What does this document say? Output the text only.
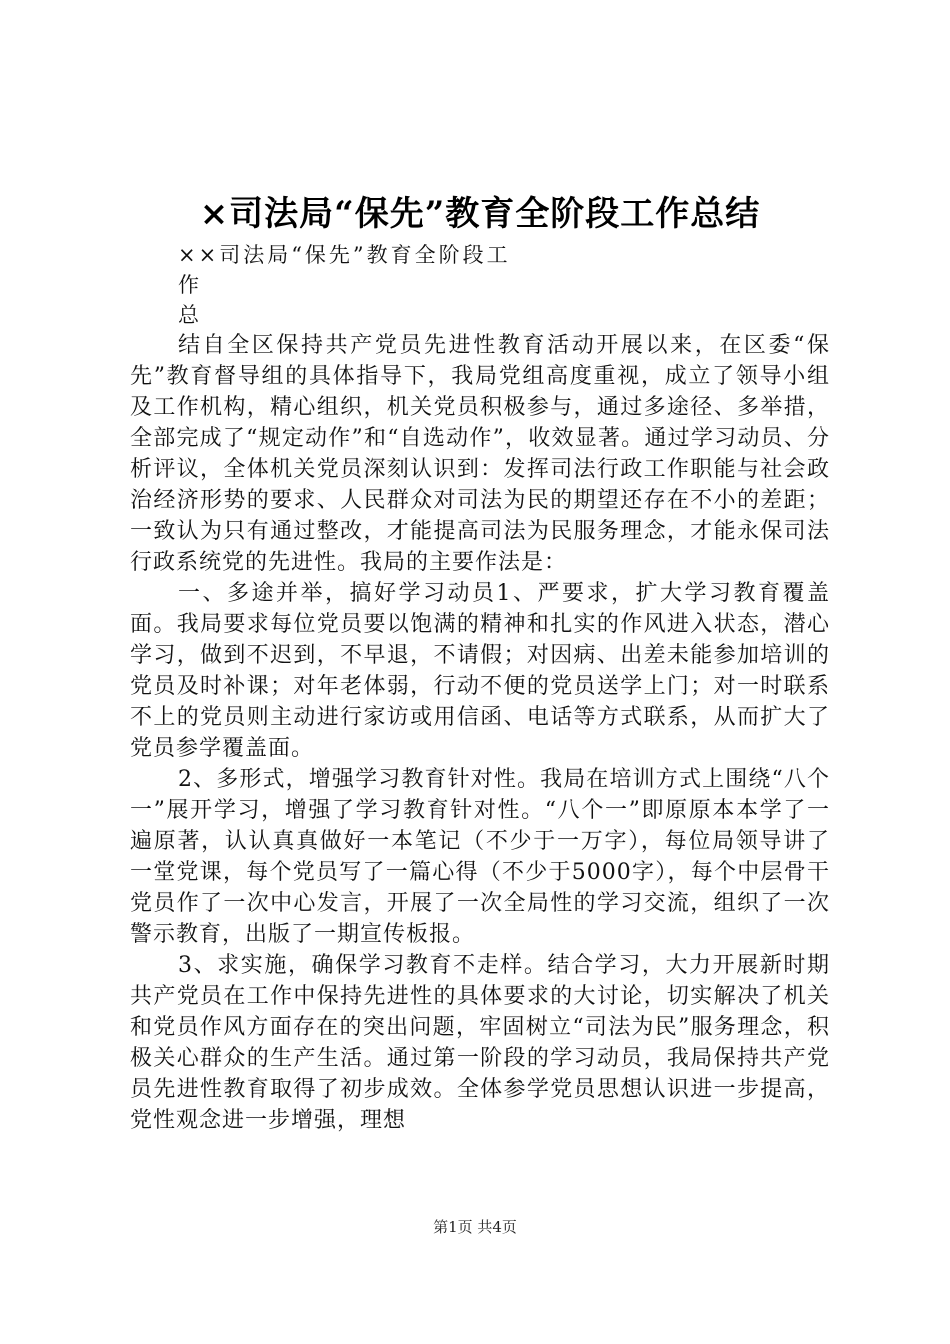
×司法局“保先”教育全阶段工作总结
××司法局“保先”教育全阶段工
作
总

结自全区保持共产党员先进性教育活动开展以来，在区委“保先”教育督导组的具体指导下，我局党组高度重视，成立了领导小组及工作机构，精心组织，机关党员积极参与，通过多途径、多举措，全部完成了“规定动作”和“自选动作”，收效显著。通过学习动员、分析评议，全体机关党员深刻认识到：发挥司法行政工作职能与社会政治经济形势的要求、人民群众对司法为民的期望还存在不小的差距；一致认为只有通过整改，才能提高司法为民服务理念，才能永保司法行政系统党的先进性。我局的主要作法是：

一、多途并举，搞好学习动员1、严要求，扩大学习教育覆盖面。我局要求每位党员要以饱满的精神和扎实的作风进入状态，潜心学习，做到不迟到，不早退，不请假；对因病、出差未能参加培训的党员及时补课；对年老体弱，行动不便的党员送学上门；对一时联系不上的党员则主动进行家访或用信函、电话等方式联系，从而扩大了党员参学覆盖面。

2、多形式，增强学习教育针对性。我局在培训方式上围绕“八个一”展开学习，增强了学习教育针对性。“八个一”即原原本本学了一遍原著，认认真真做好一本笔记（不少于一万字），每位局领导讲了一堂党课，每个党员写了一篇心得（不少于5000字），每个中层骨干党员作了一次中心发言，开展了一次全局性的学习交流，组织了一次警示教育，出版了一期宣传板报。

3、求实施，确保学习教育不走样。结合学习，大力开展新时期共产党员在工作中保持先进性的具体要求的大讨论，切实解决了机关和党员作风方面存在的突出问题，牢固树立“司法为民”服务理念，积极关心群众的生产生活。通过第一阶段的学习动员，我局保持共产党员先进性教育取得了初步成效。全体参学党员思想认识进一步提高，党性观念进一步增强，理想

第1页 共4页
